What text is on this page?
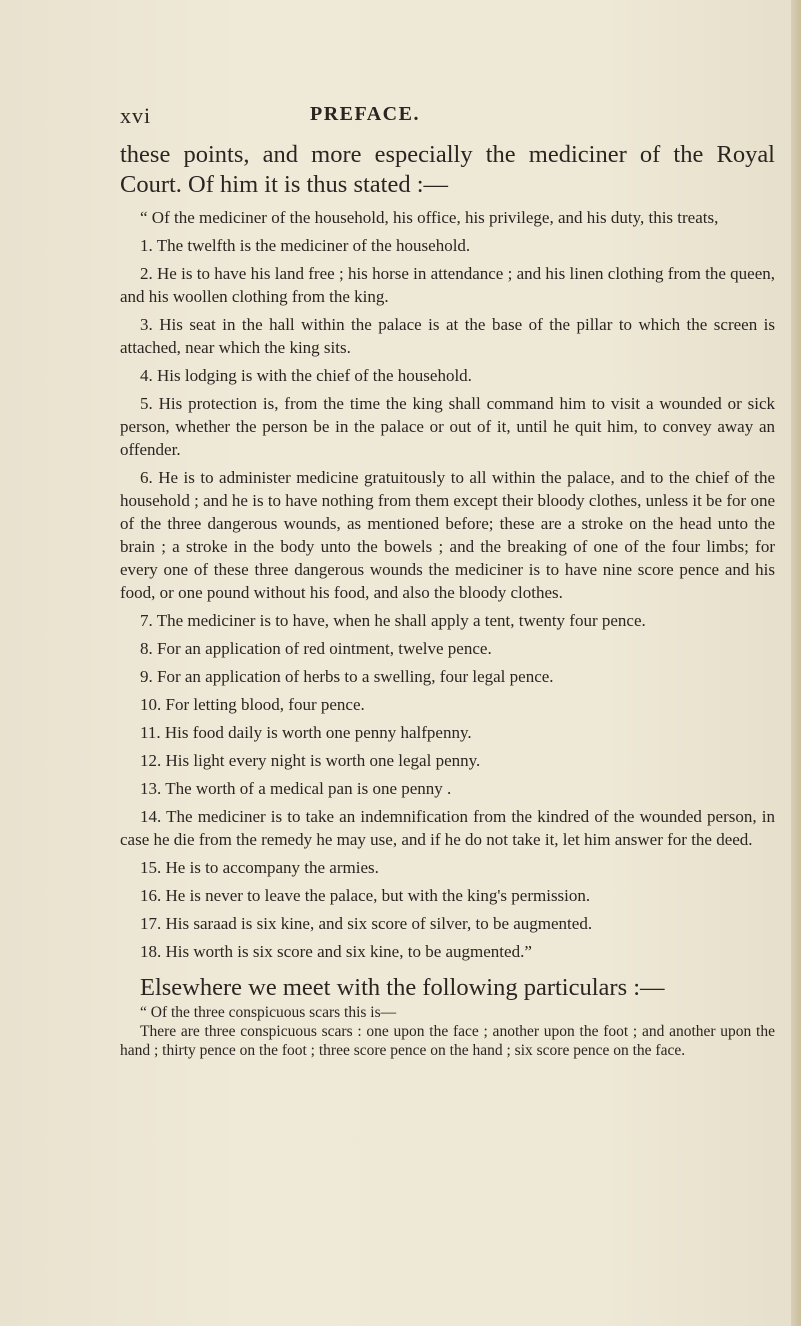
xvi	PREFACE.

these points, and more especially the mediciner of the Royal Court. Of him it is thus stated :—

“ Of the mediciner of the household, his office, his privilege, and his duty, this treats,

1. The twelfth is the mediciner of the household.
2. He is to have his land free ; his horse in attendance ; and his linen clothing from the queen, and his woollen clothing from the king.
3. His seat in the hall within the palace is at the base of the pillar to which the screen is attached, near which the king sits.
4. His lodging is with the chief of the household.
5. His protection is, from the time the king shall command him to visit a wounded or sick person, whether the person be in the palace or out of it, until he quit him, to convey away an offender.
6. He is to administer medicine gratuitously to all within the palace, and to the chief of the household ; and he is to have nothing from them except their bloody clothes, unless it be for one of the three dangerous wounds, as mentioned before; these are a stroke on the head unto the brain ; a stroke in the body unto the bowels ; and the breaking of one of the four limbs; for every one of these three dangerous wounds the mediciner is to have nine score pence and his food, or one pound without his food, and also the bloody clothes.
7. The mediciner is to have, when he shall apply a tent, twenty four pence.
8. For an application of red ointment, twelve pence.
9. For an application of herbs to a swelling, four legal pence.
10. For letting blood, four pence.
11. His food daily is worth one penny halfpenny.
12. His light every night is worth one legal penny.
13. The worth of a medical pan is one penny .
14. The mediciner is to take an indemnification from the kindred of the wounded person, in case he die from the remedy he may use, and if he do not take it, let him answer for the deed.
15. He is to accompany the armies.
16. He is never to leave the palace, but with the king's permission.
17. His saraad is six kine, and six score of silver, to be augmented.
18. His worth is six score and six kine, to be augmented.”

Elsewhere we meet with the following particulars :—

“ Of the three conspicuous scars this is—

There are three conspicuous scars : one upon the face ; another upon the foot ; and another upon the hand ; thirty pence on the foot ; three score pence on the hand ; six score pence on the face.
